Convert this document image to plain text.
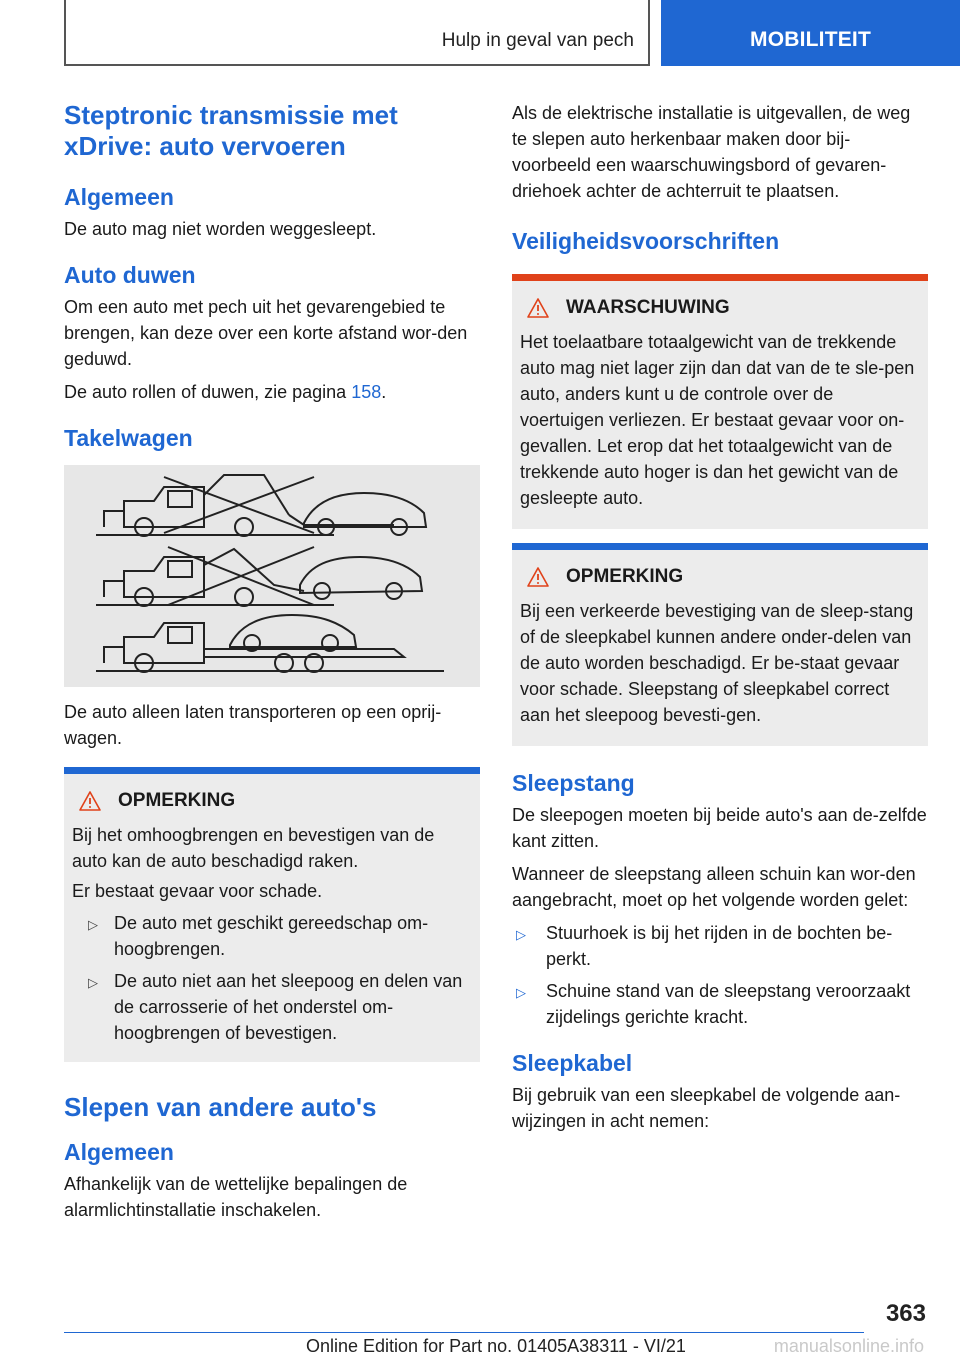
Hulp in geval van pech	MOBILITEIT
Steptronic transmissie met xDrive: auto vervoeren
Algemeen

De auto mag niet worden weggesleept.

Auto duwen

Om een auto met pech uit het gevarengebied te brengen, kan deze over een korte afstand wor-den geduwd.

De auto rollen of duwen, zie pagina 158.

Takelwagen

De auto alleen laten transporteren op een oprij-wagen.

OPMERKING

Bij het omhoogbrengen en bevestigen van de auto kan de auto beschadigd raken.

Er bestaat gevaar voor schade.

▷ De auto met geschikt gereedschap om-hoogbrengen.
▷ De auto niet aan het sleepoog en delen van de carrosserie of het onderstel om-hoogbrengen of bevestigen.
Slepen van andere auto's
Algemeen

Afhankelijk van de wettelijke bepalingen de alarmlichtinstallatie inschakelen.

Als de elektrische installatie is uitgevallen, de weg te slepen auto herkenbaar maken door bij-voorbeeld een waarschuwingsbord of gevaren-driehoek achter de achterruit te plaatsen.

Veiligheidsvoorschriften
WAARSCHUWING

Het toelaatbare totaalgewicht van de trekkende auto mag niet lager zijn dan dat van de te sle-pen auto, anders kunt u de controle over de voertuigen verliezen. Er bestaat gevaar voor on-gevallen. Let erop dat het totaalgewicht van de trekkende auto hoger is dan het gewicht van de gesleepte auto.

OPMERKING

Bij een verkeerde bevestiging van de sleep-stang of de sleepkabel kunnen andere onder-delen van de auto worden beschadigd. Er be-staat gevaar voor schade. Sleepstang of sleepkabel correct aan het sleepoog bevesti-gen.

Sleepstang

De sleepogen moeten bij beide auto's aan de-zelfde kant zitten.

Wanneer de sleepstang alleen schuin kan wor-den aangebracht, moet op het volgende worden gelet:

▷ Stuurhoek is bij het rijden in de bochten be-perkt.
▷ Schuine stand van de sleepstang veroorzaakt zijdelings gerichte kracht.
Sleepkabel

Bij gebruik van een sleepkabel de volgende aan-wijzingen in acht nemen:

363
Online Edition for Part no. 01405A38311 - VI/21	manualsonline.info
